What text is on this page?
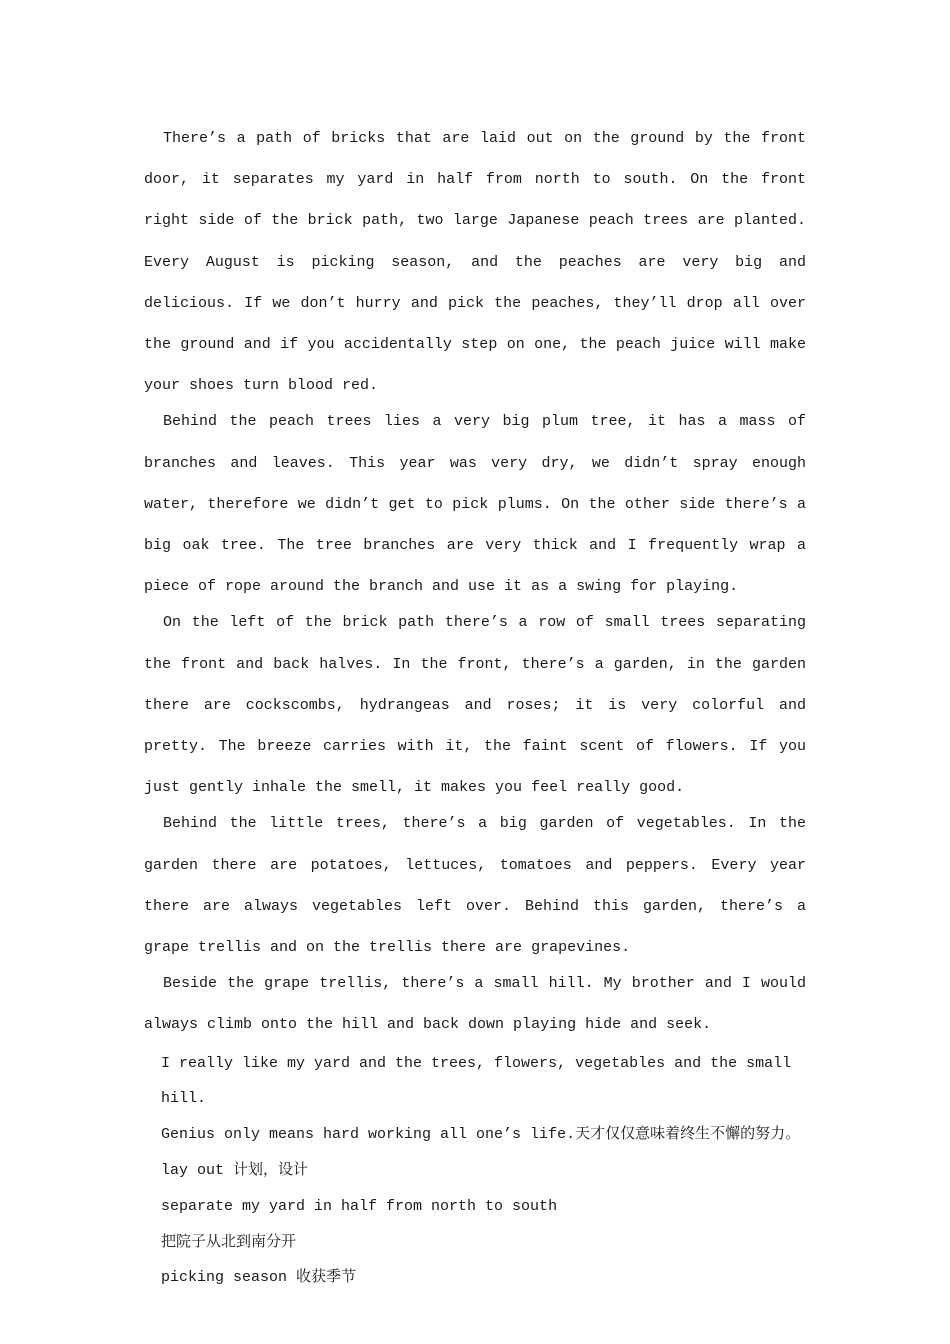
There’s a path of bricks that are laid out on the ground by the front door, it separates my yard in half from north to south. On the front right side of the brick path, two large Japanese peach trees are planted. Every August is picking season, and the peaches are very big and delicious. If we don’t hurry and pick the peaches, they’ll drop all over the ground and if you accidentally step on one, the peach juice will make your shoes turn blood red.

Behind the peach trees lies a very big plum tree, it has a mass of branches and leaves. This year was very dry, we didn’t spray enough water, therefore we didn’t get to pick plums. On the other side there’s a big oak tree. The tree branches are very thick and I frequently wrap a piece of rope around the branch and use it as a swing for playing.

On the left of the brick path there’s a row of small trees separating the front and back halves. In the front, there’s a garden, in the garden there are cockscombs, hydrangeas and roses; it is very colorful and pretty. The breeze carries with it, the faint scent of flowers. If you just gently inhale the smell, it makes you feel really good.

Behind the little trees, there’s a big garden of vegetables. In the garden there are potatoes, lettuces, tomatoes and peppers. Every year there are always vegetables left over. Behind this garden, there’s a grape trellis and on the trellis there are grapevines.

Beside the grape trellis, there’s a small hill. My brother and I would always climb onto the hill and back down playing hide and seek.

I really like my yard and the trees, flowers, vegetables and the small hill.

Genius only means hard working all one’s life.天才仅仅意味着终生不懈的努力。

lay out 计划，设计

separate my yard in half from north to south

把院子从北到南分开

picking season 收获季节
